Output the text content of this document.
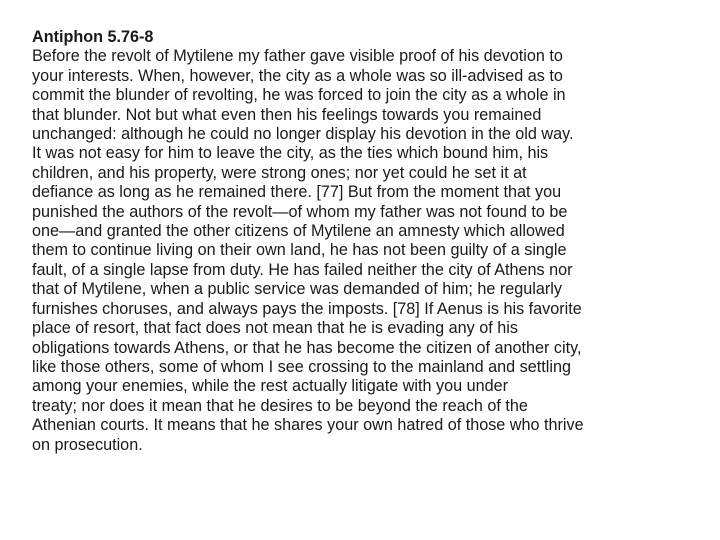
Antiphon 5.76-8

Before the revolt of Mytilene my father gave visible proof of his devotion to
your interests. When, however, the city as a whole was so ill-advised as to
commit the blunder of revolting, he was forced to join the city as a whole in
that blunder. Not but what even then his feelings towards you remained
unchanged: although he could no longer display his devotion in the old way.
It was not easy for him to leave the city, as the ties which bound him, his
children, and his property, were strong ones; nor yet could he set it at
defiance as long as he remained there. [77] But from the moment that you
punished the authors of the revolt—of whom my father was not found to be
one—and granted the other citizens of Mytilene an amnesty which allowed
them to continue living on their own land, he has not been guilty of a single
fault, of a single lapse from duty. He has failed neither the city of Athens nor
that of Mytilene, when a public service was demanded of him; he regularly
furnishes choruses, and always pays the imposts. [78] If Aenus is his favorite
place of resort, that fact does not mean that he is evading any of his
obligations towards Athens, or that he has become the citizen of another city,
like those others, some of whom I see crossing to the mainland and settling
among your enemies, while the rest actually litigate with you under
treaty; nor does it mean that he desires to be beyond the reach of the
Athenian courts. It means that he shares your own hatred of those who thrive
on prosecution.
